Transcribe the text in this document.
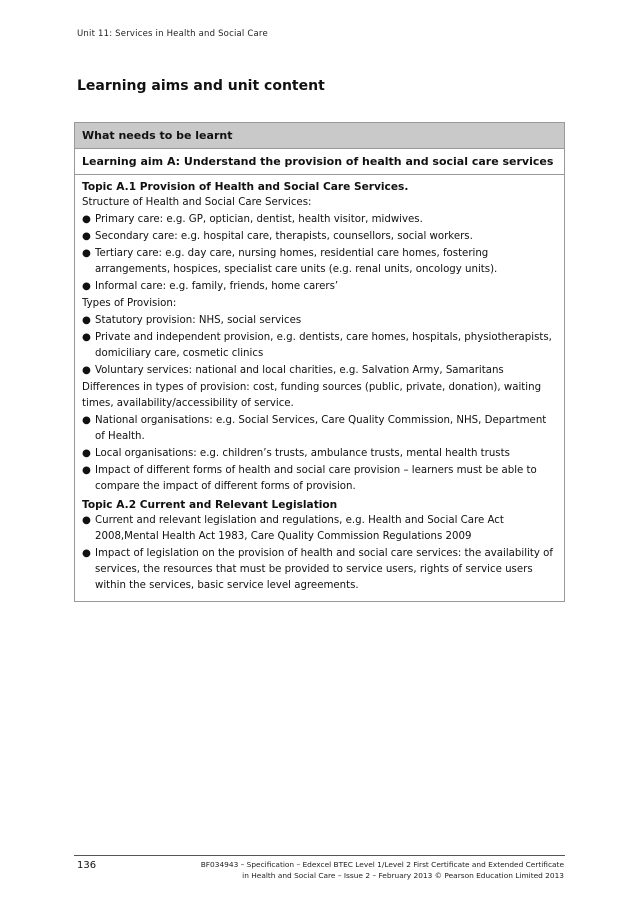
Unit 11: Services in Health and Social Care
Learning aims and unit content
What needs to be learnt
Learning aim A: Understand the provision of health and social care services

Topic A.1 Provision of Health and Social Care Services.

Structure of Health and Social Care Services:

● Primary care: e.g. GP, optician, dentist, health visitor, midwives.
● Secondary care: e.g. hospital care, therapists, counsellors, social workers.
● Tertiary care: e.g. day care, nursing homes, residential care homes, fostering arrangements, hospices, specialist care units (e.g. renal units, oncology units).
● Informal care: e.g. family, friends, home carers’

Types of Provision:

● Statutory provision: NHS, social services
● Private and independent provision, e.g. dentists, care homes, hospitals, physiotherapists, domiciliary care, cosmetic clinics
● Voluntary services: national and local charities, e.g. Salvation Army, Samaritans

Differences in types of provision: cost, funding sources (public, private, donation), waiting times, availability/accessibility of service.

● National organisations: e.g. Social Services, Care Quality Commission, NHS, Department of Health.
● Local organisations: e.g. children’s trusts, ambulance trusts, mental health trusts
● Impact of different forms of health and social care provision – learners must be able to compare the impact of different forms of provision.

Topic A.2 Current and Relevant Legislation

● Current and relevant legislation and regulations, e.g. Health and Social Care Act 2008,Mental Health Act 1983, Care Quality Commission Regulations 2009
● Impact of legislation on the provision of health and social care services: the availability of services, the resources that must be provided to service users, rights of service users within the services, basic service level agreements.
136	BF034943 – Specification – Edexcel BTEC Level 1/Level 2 First Certificate and Extended Certificate
in Health and Social Care – Issue 2 – February 2013 © Pearson Education Limited 2013
